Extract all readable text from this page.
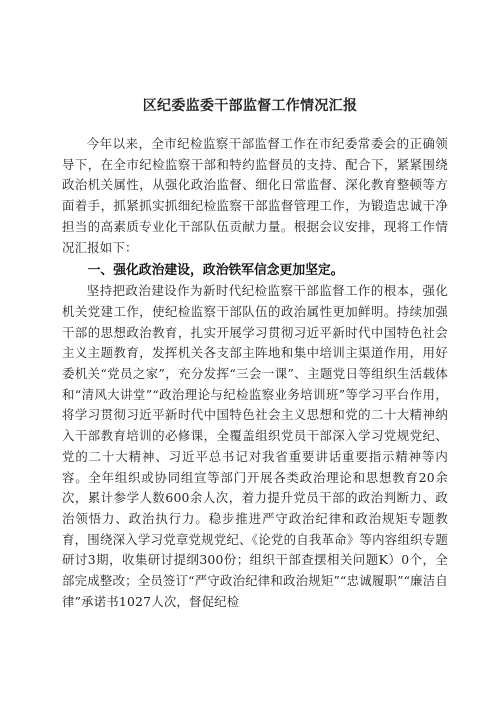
区纪委监委干部监督工作情况汇报

今年以来，全市纪检监察干部监督工作在市纪委常委会的正确领导下，在全市纪检监察干部和特约监督员的支持、配合下，紧紧围绕政治机关属性，从强化政治监督、细化日常监督、深化教育整顿等方面着手，抓紧抓实抓细纪检监察干部监督管理工作，为锻造忠诚干净担当的高素质专业化干部队伍贡献力量。根据会议安排，现将工作情况汇报如下：

一、强化政治建设，政治铁军信念更加坚定。

坚持把政治建设作为新时代纪检监察干部监督工作的根本，强化机关党建工作，使纪检监察干部队伍的政治属性更加鲜明。持续加强干部的思想政治教育，扎实开展学习贯彻习近平新时代中国特色社会主义主题教育，发挥机关各支部主阵地和集中培训主渠道作用，用好委机关“党员之家”，充分发挥“三会一课”、主题党日等组织生活载体和“清风大讲堂”“政治理论与纪检监察业务培训班”等学习平台作用，将学习贯彻习近平新时代中国特色社会主义思想和党的二十大精神纳入干部教育培训的必修课，全覆盖组织党员干部深入学习党规党纪、党的二十大精神、习近平总书记对我省重要讲话重要指示精神等内容。全年组织或协同组宣等部门开展各类政治理论和思想教育20余次，累计参学人数600余人次，着力提升党员干部的政治判断力、政治领悟力、政治执行力。稳步推进严守政治纪律和政治规矩专题教育，围绕深入学习党章党规党纪、《论党的自我革命》等内容组织专题研讨3期，收集研讨提纲300份；组织干部查摆相关问题K）0个，全部完成整改；全员签订“严守政治纪律和政治规矩”“忠诚履职”“廉洁自律”承诺书1027人次，督促纪检
